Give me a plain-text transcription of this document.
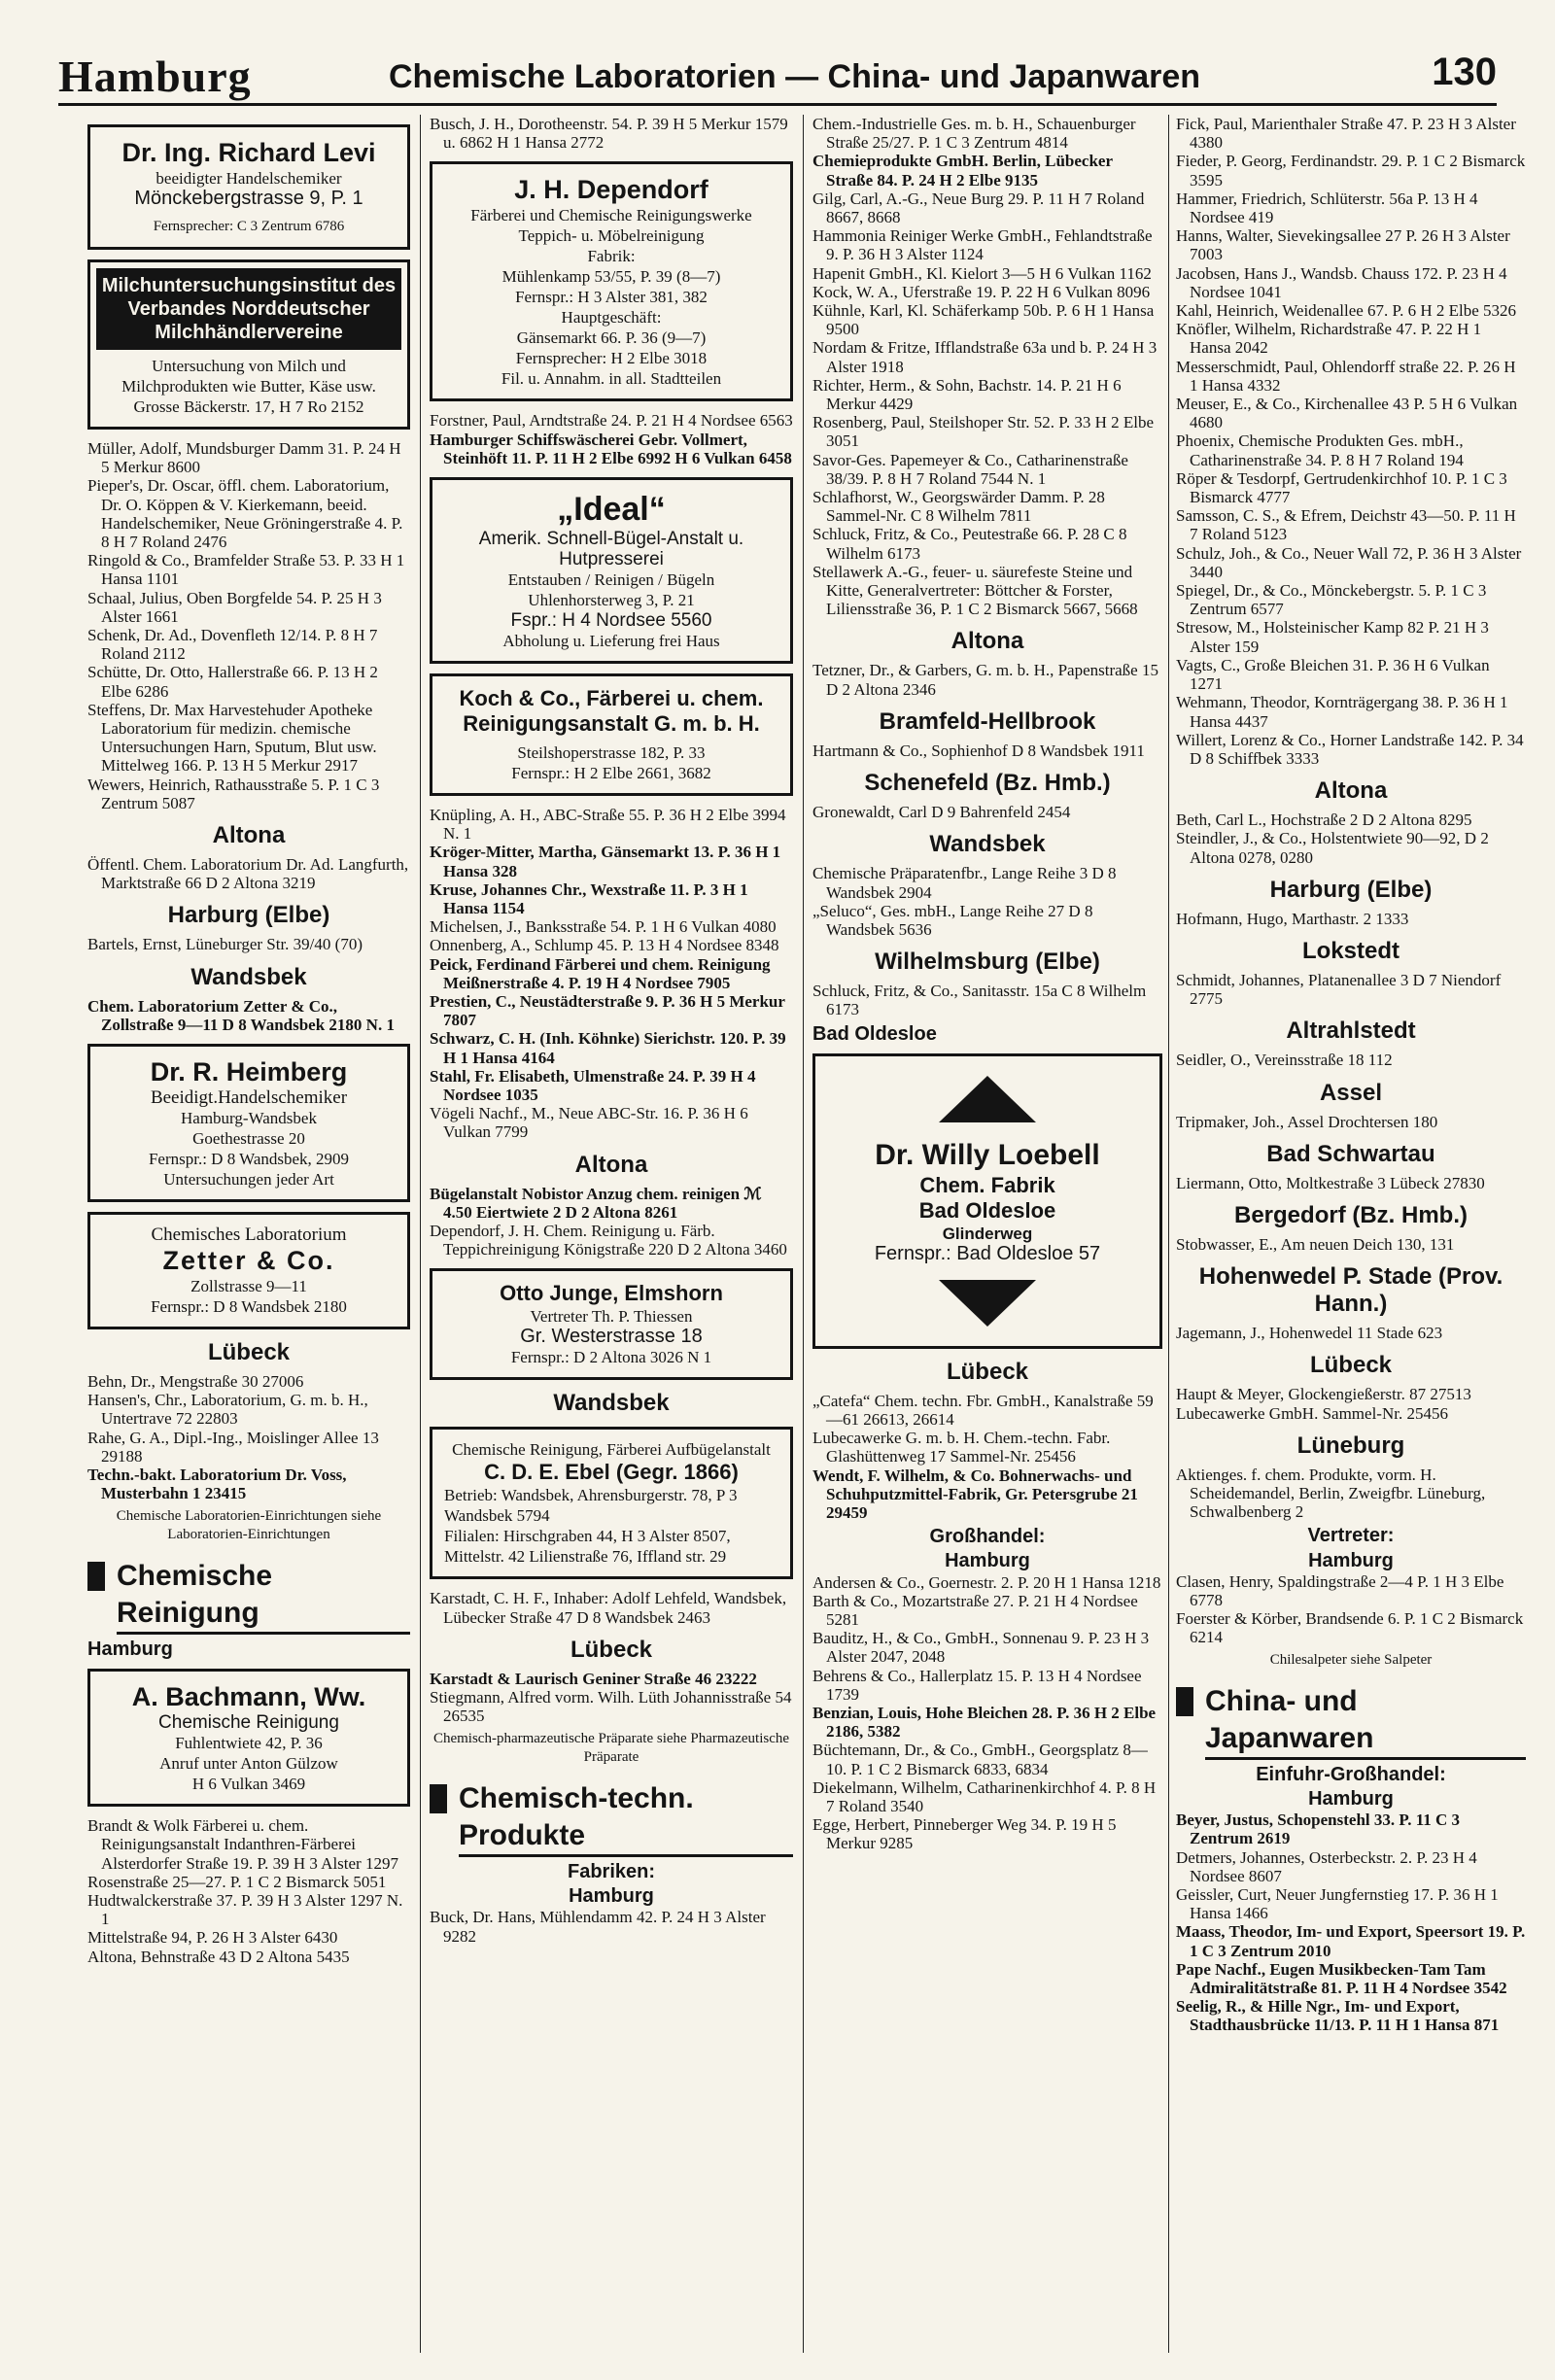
Hamburg	Chemische Laboratorien — China- und Japanwaren	130
Dr. Ing. Richard Levi
beeidigter Handelschemiker
Mönckebergstrasse 9, P. 1
Fernsprecher: C 3 Zentrum 6786
Milchuntersuchungsinstitut des Verbandes Norddeutscher Milchhändlervereine
Untersuchung von Milch und Milchprodukten wie Butter, Käse usw.
Grosse Bäckerstr. 17, H 7 Ro 2152

Müller, Adolf, Mundsburger Damm 31. P. 24 H 5 Merkur 8600

Pieper's, Dr. Oscar, öffl. chem. Laboratorium, Dr. O. Köppen & V. Kierkemann, beeid. Handelschemiker, Neue Gröningerstraße 4. P. 8 H 7 Roland 2476

Ringold & Co., Bramfelder Straße 53. P. 33 H 1 Hansa 1101

Schaal, Julius, Oben Borgfelde 54. P. 25 H 3 Alster 1661

Schenk, Dr. Ad., Dovenfleth 12/14. P. 8 H 7 Roland 2112

Schütte, Dr. Otto, Hallerstraße 66. P. 13 H 2 Elbe 6286

Steffens, Dr. Max Harvestehuder Apotheke Laboratorium für medizin. chemische Untersuchungen Harn, Sputum, Blut usw. Mittelweg 166. P. 13 H 5 Merkur 2917

Wewers, Heinrich, Rathausstraße 5. P. 1 C 3 Zentrum 5087

Altona

Öffentl. Chem. Laboratorium Dr. Ad. Langfurth, Marktstraße 66 D 2 Altona 3219

Harburg (Elbe)

Bartels, Ernst, Lüneburger Str. 39/40 (70)

Wandsbek

Chem. Laboratorium Zetter & Co., Zollstraße 9—11 D 8 Wandsbek 2180 N. 1

Dr. R. Heimberg
Beeidigt.Handelschemiker
Hamburg-Wandsbek
Goethestrasse 20
Fernspr.: D 8 Wandsbek, 2909
Untersuchungen jeder Art
Chemisches Laboratorium
Zetter & Co.
Zollstrasse 9—11
Fernspr.: D 8 Wandsbek 2180
Lübeck

Behn, Dr., Mengstraße 30 27006

Hansen's, Chr., Laboratorium, G. m. b. H., Untertrave 72 22803

Rahe, G. A., Dipl.-Ing., Moislinger Allee 13 29188

Techn.-bakt. Laboratorium Dr. Voss, Musterbahn 1 23415

Chemische Laboratorien-Einrichtungen siehe Laboratorien-Einrichtungen

Chemische Reinigung
Hamburg
A. Bachmann, Ww.
Chemische Reinigung
Fuhlentwiete 42, P. 36
Anruf unter Anton Gülzow
H 6 Vulkan 3469

Brandt & Wolk Färberei u. chem. Reinigungsanstalt Indanthren-Färberei Alsterdorfer Straße 19. P. 39 H 3 Alster 1297

Rosenstraße 25—27. P. 1 C 2 Bismarck 5051

Hudtwalckerstraße 37. P. 39 H 3 Alster 1297 N. 1

Mittelstraße 94, P. 26 H 3 Alster 6430

Altona, Behnstraße 43 D 2 Altona 5435

Busch, J. H., Dorotheenstr. 54. P. 39 H 5 Merkur 1579 u. 6862 H 1 Hansa 2772

J. H. Dependorf
Färberei und Chemische Reinigungswerke Teppich- u. Möbelreinigung
Fabrik:
Mühlenkamp 53/55, P. 39 (8—7)
Fernspr.: H 3 Alster 381, 382
Hauptgeschäft:
Gänsemarkt 66. P. 36 (9—7)
Fernsprecher: H 2 Elbe 3018
Fil. u. Annahm. in all. Stadtteilen

Forstner, Paul, Arndtstraße 24. P. 21 H 4 Nordsee 6563

Hamburger Schiffswäscherei Gebr. Vollmert, Steinhöft 11. P. 11 H 2 Elbe 6992 H 6 Vulkan 6458

„Ideal“
Amerik. Schnell-Bügel-Anstalt u. Hutpresserei
Entstauben / Reinigen / Bügeln
Uhlenhorsterweg 3, P. 21
Fspr.: H 4 Nordsee 5560
Abholung u. Lieferung frei Haus
Koch & Co., Färberei u. chem. Reinigungsanstalt G. m. b. H.
Steilshoperstrasse 182, P. 33
Fernspr.: H 2 Elbe 2661, 3682

Knüpling, A. H., ABC-Straße 55. P. 36 H 2 Elbe 3994 N. 1

Kröger-Mitter, Martha, Gänsemarkt 13. P. 36 H 1 Hansa 328

Kruse, Johannes Chr., Wexstraße 11. P. 3 H 1 Hansa 1154

Michelsen, J., Banksstraße 54. P. 1 H 6 Vulkan 4080

Onnenberg, A., Schlump 45. P. 13 H 4 Nordsee 8348

Peick, Ferdinand Färberei und chem. Reinigung Meißnerstraße 4. P. 19 H 4 Nordsee 7905

Prestien, C., Neustädterstraße 9. P. 36 H 5 Merkur 7807

Schwarz, C. H. (Inh. Köhnke) Sierichstr. 120. P. 39 H 1 Hansa 4164

Stahl, Fr. Elisabeth, Ulmenstraße 24. P. 39 H 4 Nordsee 1035

Vögeli Nachf., M., Neue ABC-Str. 16. P. 36 H 6 Vulkan 7799

Altona

Bügelanstalt Nobistor Anzug chem. reinigen ℳ 4.50 Eiertwiete 2 D 2 Altona 8261

Dependorf, J. H. Chem. Reinigung u. Färb. Teppichreinigung Königstraße 220 D 2 Altona 3460

Otto Junge, Elmshorn
Vertreter Th. P. Thiessen
Gr. Westerstrasse 18
Fernspr.: D 2 Altona 3026 N 1
Wandsbek
Chemische Reinigung, Färberei Aufbügelanstalt
C. D. E. Ebel (Gegr. 1866)
Betrieb: Wandsbek, Ahrensburgerstr. 78, P 3 Wandsbek 5794
Filialen: Hirschgraben 44, H 3 Alster 8507, Mittelstr. 42 Lilienstraße 76, Iffland str. 29

Karstadt, C. H. F., Inhaber: Adolf Lehfeld, Wandsbek, Lübecker Straße 47 D 8 Wandsbek 2463

Lübeck

Karstadt & Laurisch Geniner Straße 46 23222

Stiegmann, Alfred vorm. Wilh. Lüth Johannisstraße 54 26535

Chemisch-pharmazeutische Präparate siehe Pharmazeutische Präparate

Chemisch-techn. Produkte
Fabriken:
Hamburg

Buck, Dr. Hans, Mühlendamm 42. P. 24 H 3 Alster 9282

Chem.-Industrielle Ges. m. b. H., Schauenburger Straße 25/27. P. 1 C 3 Zentrum 4814

Chemieprodukte GmbH. Berlin, Lübecker Straße 84. P. 24 H 2 Elbe 9135

Gilg, Carl, A.-G., Neue Burg 29. P. 11 H 7 Roland 8667, 8668

Hammonia Reiniger Werke GmbH., Fehlandtstraße 9. P. 36 H 3 Alster 1124

Hapenit GmbH., Kl. Kielort 3—5 H 6 Vulkan 1162

Kock, W. A., Uferstraße 19. P. 22 H 6 Vulkan 8096

Kühnle, Karl, Kl. Schäferkamp 50b. P. 6 H 1 Hansa 9500

Nordam & Fritze, Ifflandstraße 63a und b. P. 24 H 3 Alster 1918

Richter, Herm., & Sohn, Bachstr. 14. P. 21 H 6 Merkur 4429

Rosenberg, Paul, Steilshoper Str. 52. P. 33 H 2 Elbe 3051

Savor-Ges. Papemeyer & Co., Catharinenstraße 38/39. P. 8 H 7 Roland 7544 N. 1

Schlafhorst, W., Georgswärder Damm. P. 28 Sammel-Nr. C 8 Wilhelm 7811

Schluck, Fritz, & Co., Peutestraße 66. P. 28 C 8 Wilhelm 6173

Stellawerk A.-G., feuer- u. säurefeste Steine und Kitte, Generalvertreter: Böttcher & Forster, Liliensstraße 36, P. 1 C 2 Bismarck 5667, 5668

Altona

Tetzner, Dr., & Garbers, G. m. b. H., Papenstraße 15 D 2 Altona 2346

Bramfeld-Hellbrook

Hartmann & Co., Sophienhof D 8 Wandsbek 1911

Schenefeld (Bz. Hmb.)

Gronewaldt, Carl D 9 Bahrenfeld 2454

Wandsbek

Chemische Präparatenfbr., Lange Reihe 3 D 8 Wandsbek 2904

„Seluco“, Ges. mbH., Lange Reihe 27 D 8 Wandsbek 5636

Wilhelmsburg (Elbe)

Schluck, Fritz, & Co., Sanitasstr. 15a C 8 Wilhelm 6173

Bad Oldesloe
Dr. Willy Loebell
Chem. Fabrik
Bad Oldesloe
Glinderweg
Fernspr.: Bad Oldesloe 57
Lübeck

„Catefa“ Chem. techn. Fbr. GmbH., Kanalstraße 59—61 26613, 26614

Lubecawerke G. m. b. H. Chem.-techn. Fabr. Glashüttenweg 17 Sammel-Nr. 25456

Wendt, F. Wilhelm, & Co. Bohnerwachs- und Schuhputzmittel-Fabrik, Gr. Petersgrube 21 29459

Großhandel:
Hamburg

Andersen & Co., Goernestr. 2. P. 20 H 1 Hansa 1218

Barth & Co., Mozartstraße 27. P. 21 H 4 Nordsee 5281

Bauditz, H., & Co., GmbH., Sonnenau 9. P. 23 H 3 Alster 2047, 2048

Behrens & Co., Hallerplatz 15. P. 13 H 4 Nordsee 1739

Benzian, Louis, Hohe Bleichen 28. P. 36 H 2 Elbe 2186, 5382

Büchtemann, Dr., & Co., GmbH., Georgsplatz 8—10. P. 1 C 2 Bismarck 6833, 6834

Diekelmann, Wilhelm, Catharinenkirchhof 4. P. 8 H 7 Roland 3540

Egge, Herbert, Pinneberger Weg 34. P. 19 H 5 Merkur 9285

Fick, Paul, Marienthaler Straße 47. P. 23 H 3 Alster 4380

Fieder, P. Georg, Ferdinandstr. 29. P. 1 C 2 Bismarck 3595

Hammer, Friedrich, Schlüterstr. 56a P. 13 H 4 Nordsee 419

Hanns, Walter, Sievekingsallee 27 P. 26 H 3 Alster 7003

Jacobsen, Hans J., Wandsb. Chauss 172. P. 23 H 4 Nordsee 1041

Kahl, Heinrich, Weidenallee 67. P. 6 H 2 Elbe 5326

Knöfler, Wilhelm, Richardstraße 47. P. 22 H 1 Hansa 2042

Messerschmidt, Paul, Ohlendorff straße 22. P. 26 H 1 Hansa 4332

Meuser, E., & Co., Kirchenallee 43 P. 5 H 6 Vulkan 4680

Phoenix, Chemische Produkten Ges. mbH., Catharinenstraße 34. P. 8 H 7 Roland 194

Röper & Tesdorpf, Gertrudenkirchhof 10. P. 1 C 3 Bismarck 4777

Samsson, C. S., & Efrem, Deichstr 43—50. P. 11 H 7 Roland 5123

Schulz, Joh., & Co., Neuer Wall 72, P. 36 H 3 Alster 3440

Spiegel, Dr., & Co., Mönckebergstr. 5. P. 1 C 3 Zentrum 6577

Stresow, M., Holsteinischer Kamp 82 P. 21 H 3 Alster 159

Vagts, C., Große Bleichen 31. P. 36 H 6 Vulkan 1271

Wehmann, Theodor, Kornträgergang 38. P. 36 H 1 Hansa 4437

Willert, Lorenz & Co., Horner Landstraße 142. P. 34 D 8 Schiffbek 3333

Altona

Beth, Carl L., Hochstraße 2 D 2 Altona 8295

Steindler, J., & Co., Holstentwiete 90—92, D 2 Altona 0278, 0280

Harburg (Elbe)

Hofmann, Hugo, Marthastr. 2 1333

Lokstedt

Schmidt, Johannes, Platanenallee 3 D 7 Niendorf 2775

Altrahlstedt

Seidler, O., Vereinsstraße 18 112

Assel

Tripmaker, Joh., Assel Drochtersen 180

Bad Schwartau

Liermann, Otto, Moltkestraße 3 Lübeck 27830

Bergedorf (Bz. Hmb.)

Stobwasser, E., Am neuen Deich 130, 131

Hohenwedel P. Stade (Prov. Hann.)

Jagemann, J., Hohenwedel 11 Stade 623

Lübeck

Haupt & Meyer, Glockengießerstr. 87 27513

Lubecawerke GmbH. Sammel-Nr. 25456

Lüneburg

Aktienges. f. chem. Produkte, vorm. H. Scheidemandel, Berlin, Zweigfbr. Lüneburg, Schwalbenberg 2

Vertreter:
Hamburg

Clasen, Henry, Spaldingstraße 2—4 P. 1 H 3 Elbe 6778

Foerster & Körber, Brandsende 6. P. 1 C 2 Bismarck 6214

Chilesalpeter siehe Salpeter

China- und Japanwaren
Einfuhr-Großhandel:
Hamburg

Beyer, Justus, Schopenstehl 33. P. 11 C 3 Zentrum 2619

Detmers, Johannes, Osterbeckstr. 2. P. 23 H 4 Nordsee 8607

Geissler, Curt, Neuer Jungfernstieg 17. P. 36 H 1 Hansa 1466

Maass, Theodor, Im- und Export, Speersort 19. P. 1 C 3 Zentrum 2010

Pape Nachf., Eugen Musikbecken-Tam Tam Admiralitätstraße 81. P. 11 H 4 Nordsee 3542

Seelig, R., & Hille Ngr., Im- und Export, Stadthausbrücke 11/13. P. 11 H 1 Hansa 871
